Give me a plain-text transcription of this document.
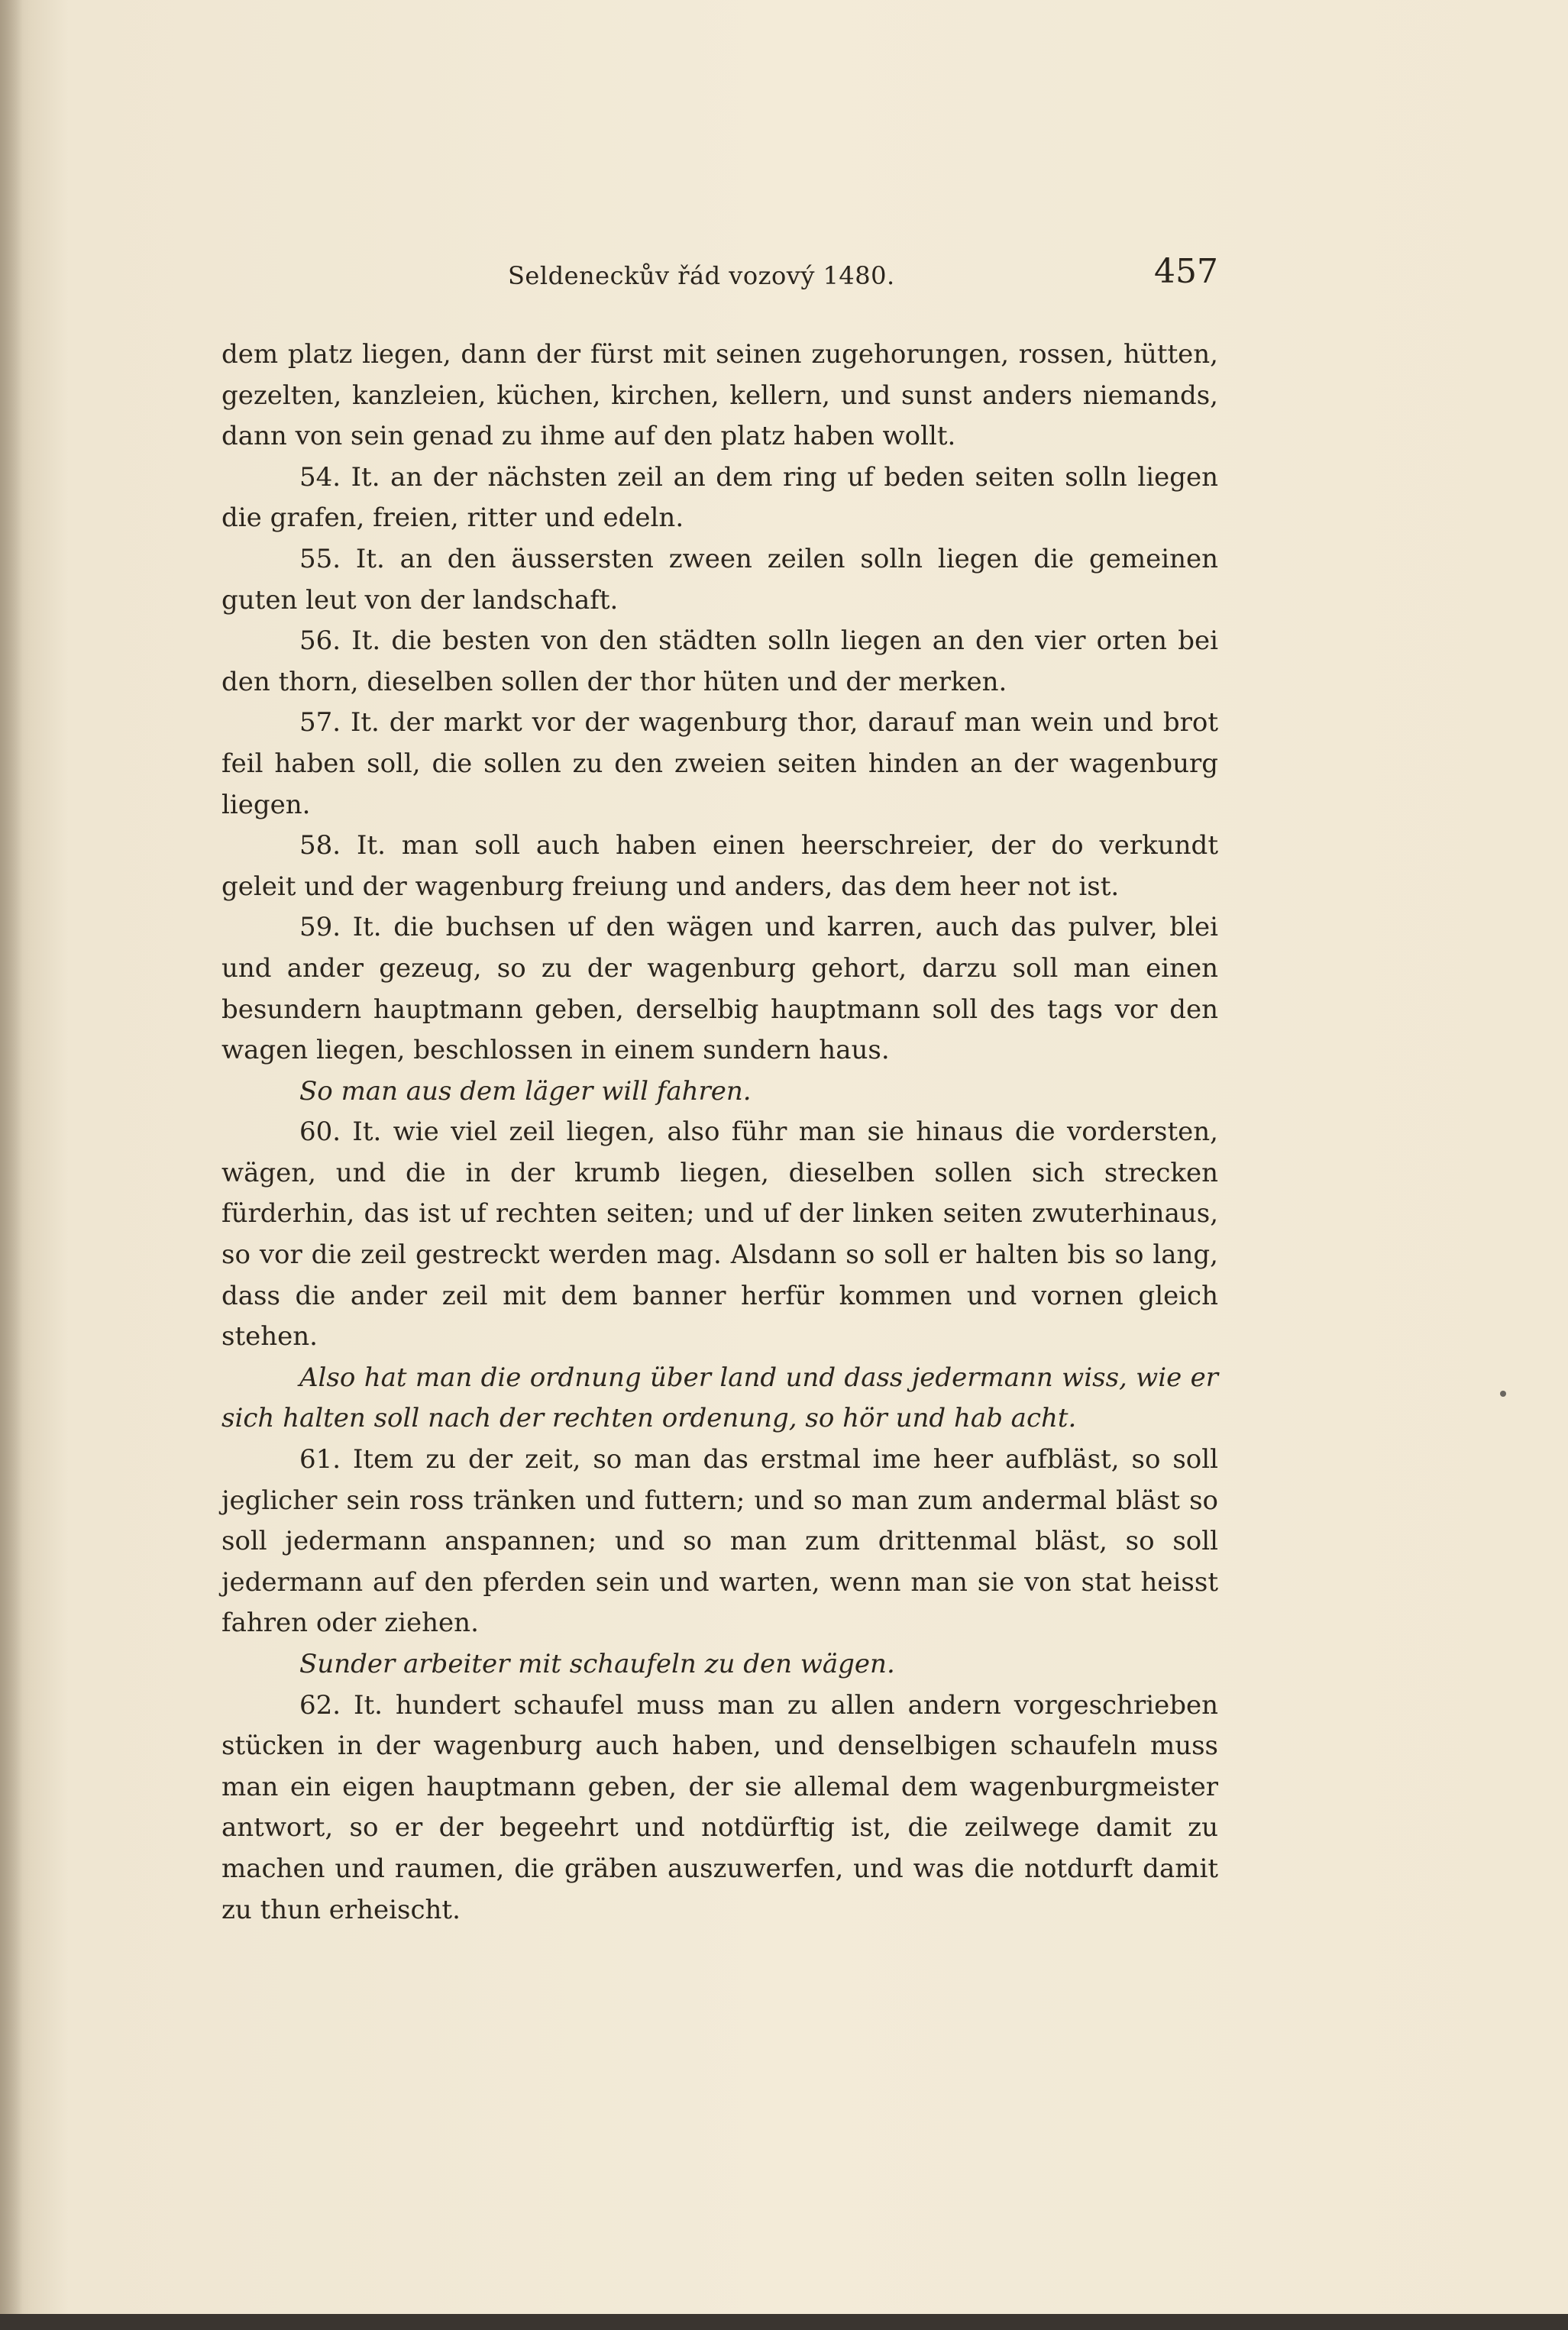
Seldeneckův řád vozový 1480.	457

dem platz liegen, dann der fürst mit seinen zugehorungen, rossen, hütten, gezelten, kanzleien, küchen, kirchen, kellern, und sunst anders niemands, dann von sein genad zu ihme auf den platz haben wollt.

54. It. an der nächsten zeil an dem ring uf beden seiten solln liegen die grafen, freien, ritter und edeln.

55. It. an den äussersten zween zeilen solln liegen die gemeinen guten leut von der landschaft.

56. It. die besten von den städten solln liegen an den vier orten bei den thorn, dieselben sollen der thor hüten und der merken.

57. It. der markt vor der wagenburg thor, darauf man wein und brot feil haben soll, die sollen zu den zweien seiten hinden an der wagenburg liegen.

58. It. man soll auch haben einen heerschreier, der do verkundt geleit und der wagenburg freiung und anders, das dem heer not ist.

59. It. die buchsen uf den wägen und karren, auch das pulver, blei und ander gezeug, so zu der wagenburg gehort, darzu soll man einen besundern hauptmann geben, derselbig hauptmann soll des tags vor den wagen liegen, beschlossen in einem sundern haus.

So man aus dem läger will fahren.

60. It. wie viel zeil liegen, also führ man sie hinaus die vordersten, wägen, und die in der krumb liegen, dieselben sollen sich strecken fürderhin, das ist uf rechten seiten; und uf der linken seiten zwuterhinaus, so vor die zeil gestreckt werden mag. Alsdann so soll er halten bis so lang, dass die ander zeil mit dem banner herfür kommen und vornen gleich stehen.

Also hat man die ordnung über land und dass jedermann wiss, wie er sich halten soll nach der rechten ordenung, so hör und hab acht.

61. Item zu der zeit, so man das erstmal ime heer aufbläst, so soll jeglicher sein ross tränken und futtern; und so man zum andermal bläst so soll jedermann anspannen; und so man zum drittenmal bläst, so soll jedermann auf den pferden sein und warten, wenn man sie von stat heisst fahren oder ziehen.

Sunder arbeiter mit schaufeln zu den wägen.

62. It. hundert schaufel muss man zu allen andern vorgeschrieben stücken in der wagenburg auch haben, und denselbigen schaufeln muss man ein eigen hauptmann geben, der sie allemal dem wagenburgmeister antwort, so er der begeehrt und notdürftig ist, die zeilwege damit zu machen und raumen, die gräben auszuwerfen, und was die notdurft damit zu thun erheischt.
